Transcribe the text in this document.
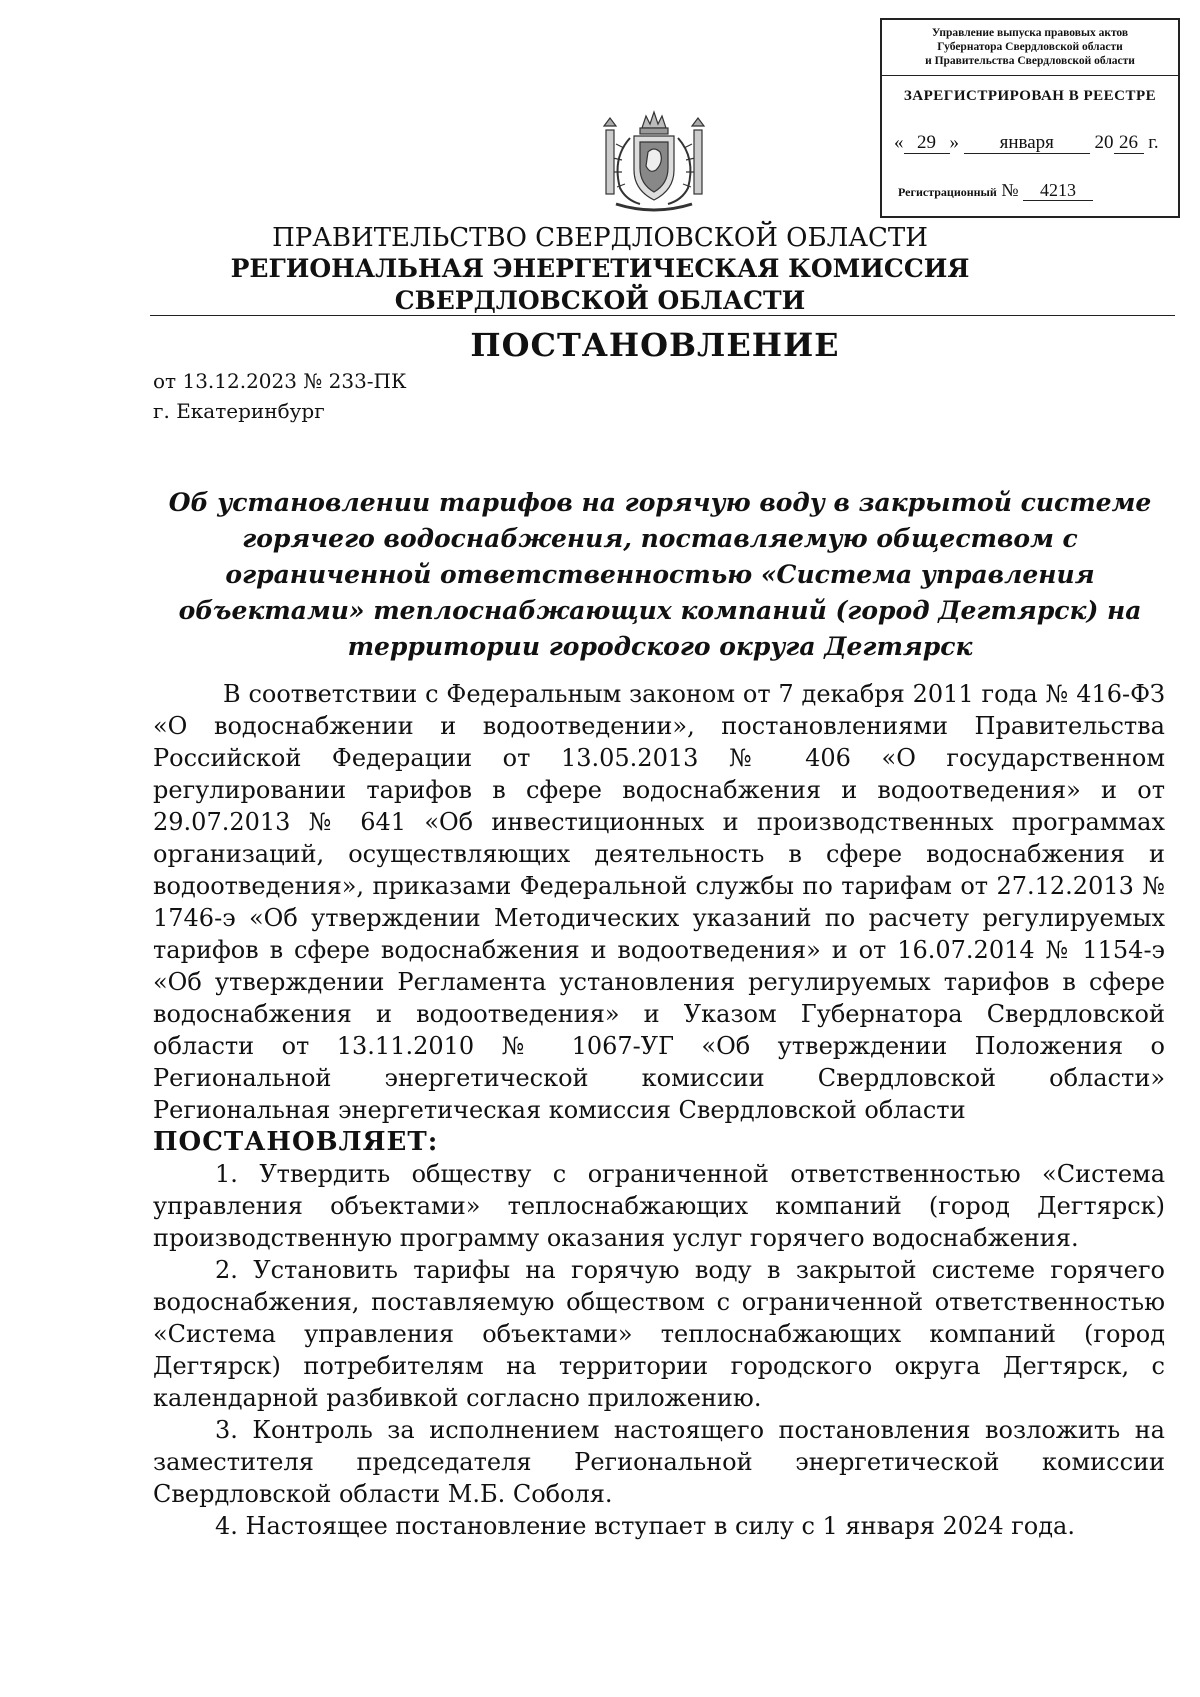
Управление выпуска правовых актов
Губернатора Свердловской области
и Правительства Свердловской области
ЗАРЕГИСТРИРОВАН В РЕЕСТРЕ
« 29 » января 20 26 г.
Регистрационный № 4213
ПРАВИТЕЛЬСТВО СВЕРДЛОВСКОЙ ОБЛАСТИ
РЕГИОНАЛЬНАЯ ЭНЕРГЕТИЧЕСКАЯ КОМИССИЯ
СВЕРДЛОВСКОЙ ОБЛАСТИ
ПОСТАНОВЛЕНИЕ
от 13.12.2023 № 233-ПК
г. Екатеринбург
Об установлении тарифов на горячую воду в закрытой системе горячего водоснабжения, поставляемую обществом с ограниченной ответственностью «Система управления объектами» теплоснабжающих компаний (город Дегтярск) на территории городского округа Дегтярск

В соответствии с Федеральным законом от 7 декабря 2011 года № 416-ФЗ «О водоснабжении и водоотведении», постановлениями Правительства Российской Федерации от 13.05.2013 № 406 «О государственном регулировании тарифов в сфере водоснабжения и водоотведения» и от 29.07.2013 № 641 «Об инвестиционных и производственных программах организаций, осуществляющих деятельность в сфере водоснабжения и водоотведения», приказами Федеральной службы по тарифам от 27.12.2013 № 1746-э «Об утверждении Методических указаний по расчету регулируемых тарифов в сфере водоснабжения и водоотведения» и от 16.07.2014 № 1154-э «Об утверждении Регламента установления регулируемых тарифов в сфере водоснабжения и водоотведения» и Указом Губернатора Свердловской области от 13.11.2010 № 1067-УГ «Об утверждении Положения о Региональной энергетической комиссии Свердловской области» Региональная энергетическая комиссия Свердловской области

ПОСТАНОВЛЯЕТ:

1. Утвердить обществу с ограниченной ответственностью «Система управления объектами» теплоснабжающих компаний (город Дегтярск) производственную программу оказания услуг горячего водоснабжения.

2. Установить тарифы на горячую воду в закрытой системе горячего водоснабжения, поставляемую обществом с ограниченной ответственностью «Система управления объектами» теплоснабжающих компаний (город Дегтярск) потребителям на территории городского округа Дегтярск, с календарной разбивкой согласно приложению.

3. Контроль за исполнением настоящего постановления возложить на заместителя председателя Региональной энергетической комиссии Свердловской области М.Б. Соболя.

4. Настоящее постановление вступает в силу с 1 января 2024 года.
